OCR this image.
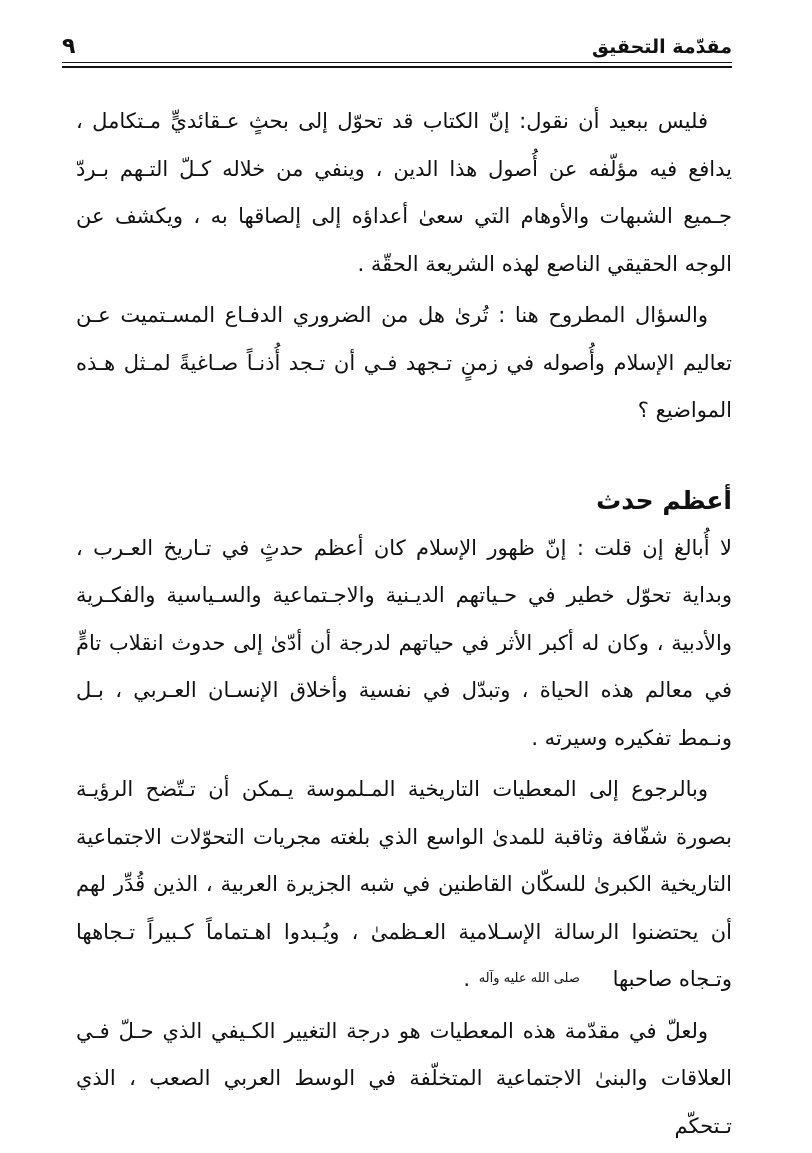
مقدّمة التحقيق
٩

فليس ببعيد أن نقول: إنّ الكتاب قد تحوّل إلى بحثٍ عـقائديٍّ مـتكامل ، يدافع فيه مؤلّفه عن أُصول هذا الدين ، وينفي من خلاله كـلّ التـهم بـردّ جـميع الشبهات والأوهام التي سعىٰ أعداؤه إلى إلصاقها به ، ويكشف عن الوجه الحقيقي الناصع لهذه الشريعة الحقّة .

والسؤال المطروح هنا : تُرىٰ هل من الضروري الدفـاع المسـتميت عـن تعاليم الإسلام وأُصوله في زمنٍ تـجهد فـي أن تـجد أُذنـاً صـاغيةً لمـثل هـذه المواضيع ؟

أعظم حدث

لا أُبالغ إن قلت : إنّ ظهور الإسلام كان أعظم حدثٍ في تـاريخ العـرب ، وبداية تحوّل خطير في حـياتهم الديـنية والاجـتماعية والسـياسية والفكـرية والأدبية ، وكان له أكبر الأثر في حياتهم لدرجة أن أدّىٰ إلى حدوث انقلاب تامٍّ في معالم هذه الحياة ، وتبدّل في نفسية وأخلاق الإنسـان العـربي ، بـل ونـمط تفكيره وسيرته .

وبالرجوع إلى المعطيات التاريخية المـلموسة يـمكن أن تـتّضح الرؤيـة بصورة شفّافة وثاقبة للمدىٰ الواسع الذي بلغته مجريات التحوّلات الاجتماعية التاريخية الكبرىٰ للسكّان القاطنين في شبه الجزيرة العربية ، الذين قُدِّر لهم أن يحتضنوا الرسالة الإسـلامية العـظمىٰ ، ويُـبدوا اهـتماماً كـبيراً تـجاهها وتـجاه صاحبها صلى الله عليه وآله .

ولعلّ في مقدّمة هذه المعطيات هو درجة التغيير الكـيفي الذي حـلّ فـي العلاقات والبنىٰ الاجتماعية المتخلّفة في الوسط العربي الصعب ، الذي تـتحكّم
